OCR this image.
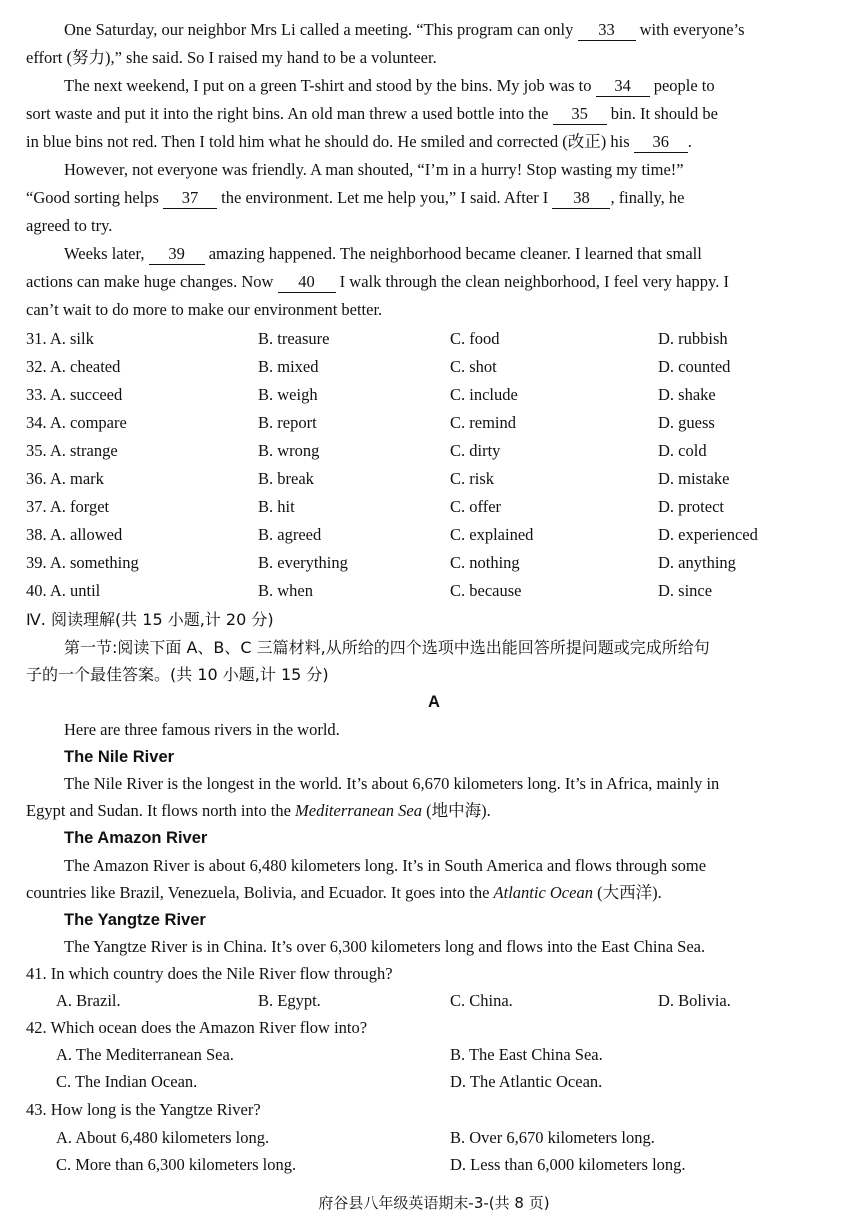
One Saturday, our neighbor Mrs Li called a meeting. “This program can only 33 with everyone’s
effort (努力),” she said. So I raised my hand to be a volunteer.
The next weekend, I put on a green T-shirt and stood by the bins. My job was to 34 people to
sort waste and put it into the right bins. An old man threw a used bottle into the 35 bin. It should be
in blue bins not red. Then I told him what he should do. He smiled and corrected (改正) his 36 .
However, not everyone was friendly. A man shouted, “I’m in a hurry! Stop wasting my time!”
“Good sorting helps 37 the environment. Let me help you,” I said. After I 38 , finally, he
agreed to try.
Weeks later, 39 amazing happened. The neighborhood became cleaner. I learned that small
actions can make huge changes. Now 40 I walk through the clean neighborhood, I feel very happy. I
can’t wait to do more to make our environment better.
31. A. silk	B. treasure	C. food	D. rubbish
32. A. cheated	B. mixed	C. shot	D. counted
33. A. succeed	B. weigh	C. include	D. shake
34. A. compare	B. report	C. remind	D. guess
35. A. strange	B. wrong	C. dirty	D. cold
36. A. mark	B. break	C. risk	D. mistake
37. A. forget	B. hit	C. offer	D. protect
38. A. allowed	B. agreed	C. explained	D. experienced
39. A. something	B. everything	C. nothing	D. anything
40. A. until	B. when	C. because	D. since
Ⅳ. 阅读理解(共 15 小题,计 20 分)
第一节:阅读下面 A、B、C 三篇材料,从所给的四个选项中选出能回答所提问题或完成所给句
子的一个最佳答案。(共 10 小题,计 15 分)
A
Here are three famous rivers in the world.
The Nile River
The Nile River is the longest in the world. It’s about 6,670 kilometers long. It’s in Africa, mainly in
Egypt and Sudan. It flows north into the Mediterranean Sea (地中海).
The Amazon River
The Amazon River is about 6,480 kilometers long. It’s in South America and flows through some
countries like Brazil, Venezuela, Bolivia, and Ecuador. It goes into the Atlantic Ocean (大西洋).
The Yangtze River
The Yangtze River is in China. It’s over 6,300 kilometers long and flows into the East China Sea.
41. In which country does the Nile River flow through?
A. Brazil.	B. Egypt.	C. China.	D. Bolivia.
42. Which ocean does the Amazon River flow into?
A. The Mediterranean Sea.	B. The East China Sea.
C. The Indian Ocean.	D. The Atlantic Ocean.
43. How long is the Yangtze River?
A. About 6,480 kilometers long.	B. Over 6,670 kilometers long.
C. More than 6,300 kilometers long.	D. Less than 6,000 kilometers long.
府谷县八年级英语期末-3-(共 8 页)
